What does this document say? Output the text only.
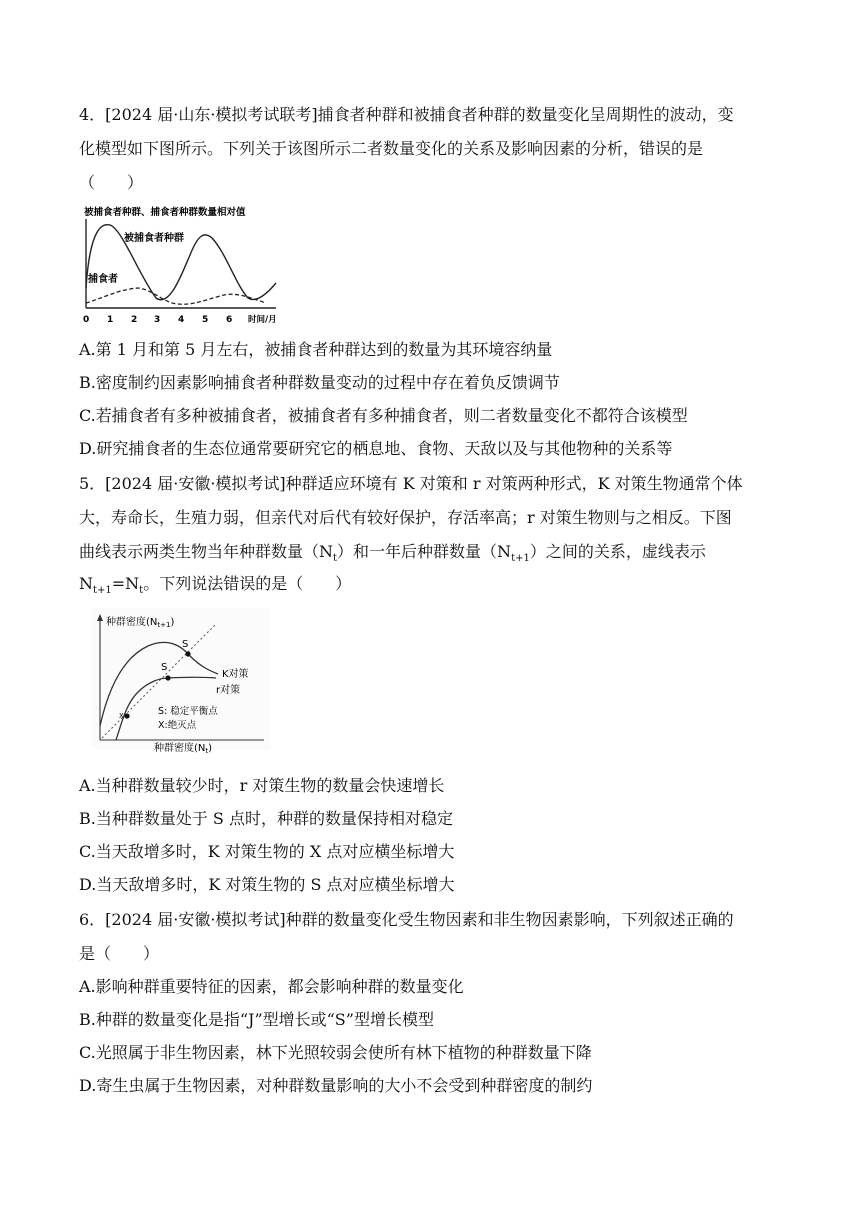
4．[2024 届·山东·模拟考试联考]捕食者种群和被捕食者种群的数量变化呈周期性的波动，变
化模型如下图所示。下列关于该图所示二者数量变化的关系及影响因素的分析，错误的是
（　　）
被捕食者种群、捕食者种群数量相对值
被捕食者种群
捕食者
0 1 2 3 4 5 6 时间/月
A.第 1 月和第 5 月左右，被捕食者种群达到的数量为其环境容纳量
B.密度制约因素影响捕食者种群数量变动的过程中存在着负反馈调节
C.若捕食者有多种被捕食者，被捕食者有多种捕食者，则二者数量变化不都符合该模型
D.研究捕食者的生态位通常要研究它的栖息地、食物、天敌以及与其他物种的关系等
5．[2024 届·安徽·模拟考试]种群适应环境有 K 对策和 r 对策两种形式，K 对策生物通常个体
大，寿命长，生殖力弱，但亲代对后代有较好保护，存活率高；r 对策生物则与之相反。下图
曲线表示两类生物当年种群数量$(N_t)$和一年后种群数量$(N_{t+1})$之间的关系，虚线表示
$N_{t+1}=N_t$。下列说法错误的是（　　）
种群密度$(N_{t+1})$
S
S
X
K对策
r对策
S: 稳定平衡点
X:绝灭点
种群密度$(N_t)$
A.当种群数量较少时，r 对策生物的数量会快速增长
B.当种群数量处于 S 点时，种群的数量保持相对稳定
C.当天敌增多时，K 对策生物的 X 点对应横坐标增大
D.当天敌增多时，K 对策生物的 S 点对应横坐标增大
6．[2024 届·安徽·模拟考试]种群的数量变化受生物因素和非生物因素影响，下列叙述正确的
是（　　）
A.影响种群重要特征的因素，都会影响种群的数量变化
B.种群的数量变化是指“J”型增长或“S”型增长模型
C.光照属于非生物因素，林下光照较弱会使所有林下植物的种群数量下降
D.寄生虫属于生物因素，对种群数量影响的大小不会受到种群密度的制约
